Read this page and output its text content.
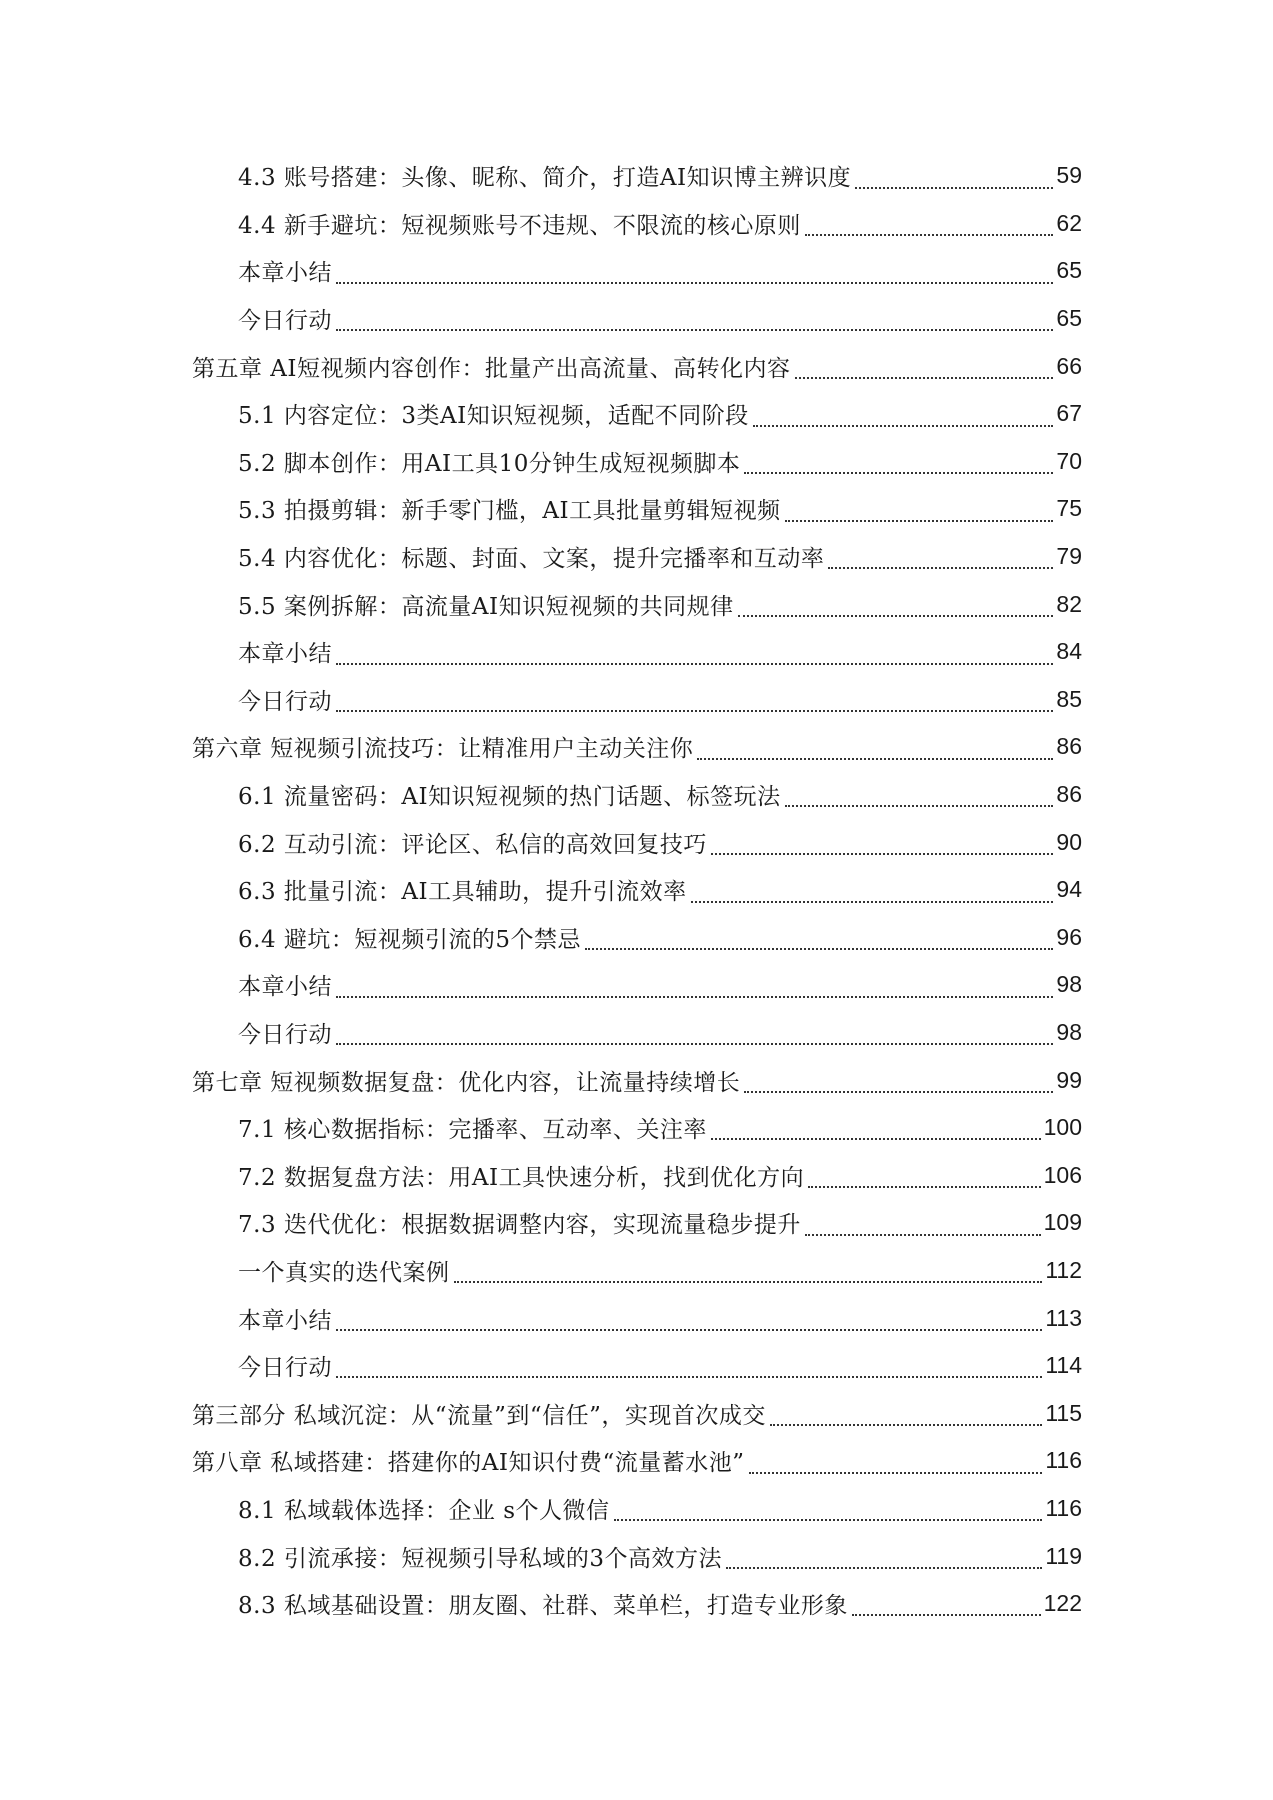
4.3 账号搭建：头像、昵称、简介，打造AI知识博主辨识度	59
4.4 新手避坑：短视频账号不违规、不限流的核心原则	62
本章小结	65
今日行动	65
第五章 AI短视频内容创作：批量产出高流量、高转化内容	66
5.1 内容定位：3类AI知识短视频，适配不同阶段	67
5.2 脚本创作：用AI工具10分钟生成短视频脚本	70
5.3 拍摄剪辑：新手零门槛，AI工具批量剪辑短视频	75
5.4 内容优化：标题、封面、文案，提升完播率和互动率	79
5.5 案例拆解：高流量AI知识短视频的共同规律	82
本章小结	84
今日行动	85
第六章 短视频引流技巧：让精准用户主动关注你	86
6.1 流量密码：AI知识短视频的热门话题、标签玩法	86
6.2 互动引流：评论区、私信的高效回复技巧	90
6.3 批量引流：AI工具辅助，提升引流效率	94
6.4 避坑：短视频引流的5个禁忌	96
本章小结	98
今日行动	98
第七章 短视频数据复盘：优化内容，让流量持续增长	99
7.1 核心数据指标：完播率、互动率、关注率	100
7.2 数据复盘方法：用AI工具快速分析，找到优化方向	106
7.3 迭代优化：根据数据调整内容，实现流量稳步提升	109
一个真实的迭代案例	112
本章小结	113
今日行动	114
第三部分 私域沉淀：从“流量”到“信任”，实现首次成交	115
第八章 私域搭建：搭建你的AI知识付费“流量蓄水池”	116
8.1 私域载体选择：企业 s个人微信	116
8.2 引流承接：短视频引导私域的3个高效方法	119
8.3 私域基础设置：朋友圈、社群、菜单栏，打造专业形象	122
